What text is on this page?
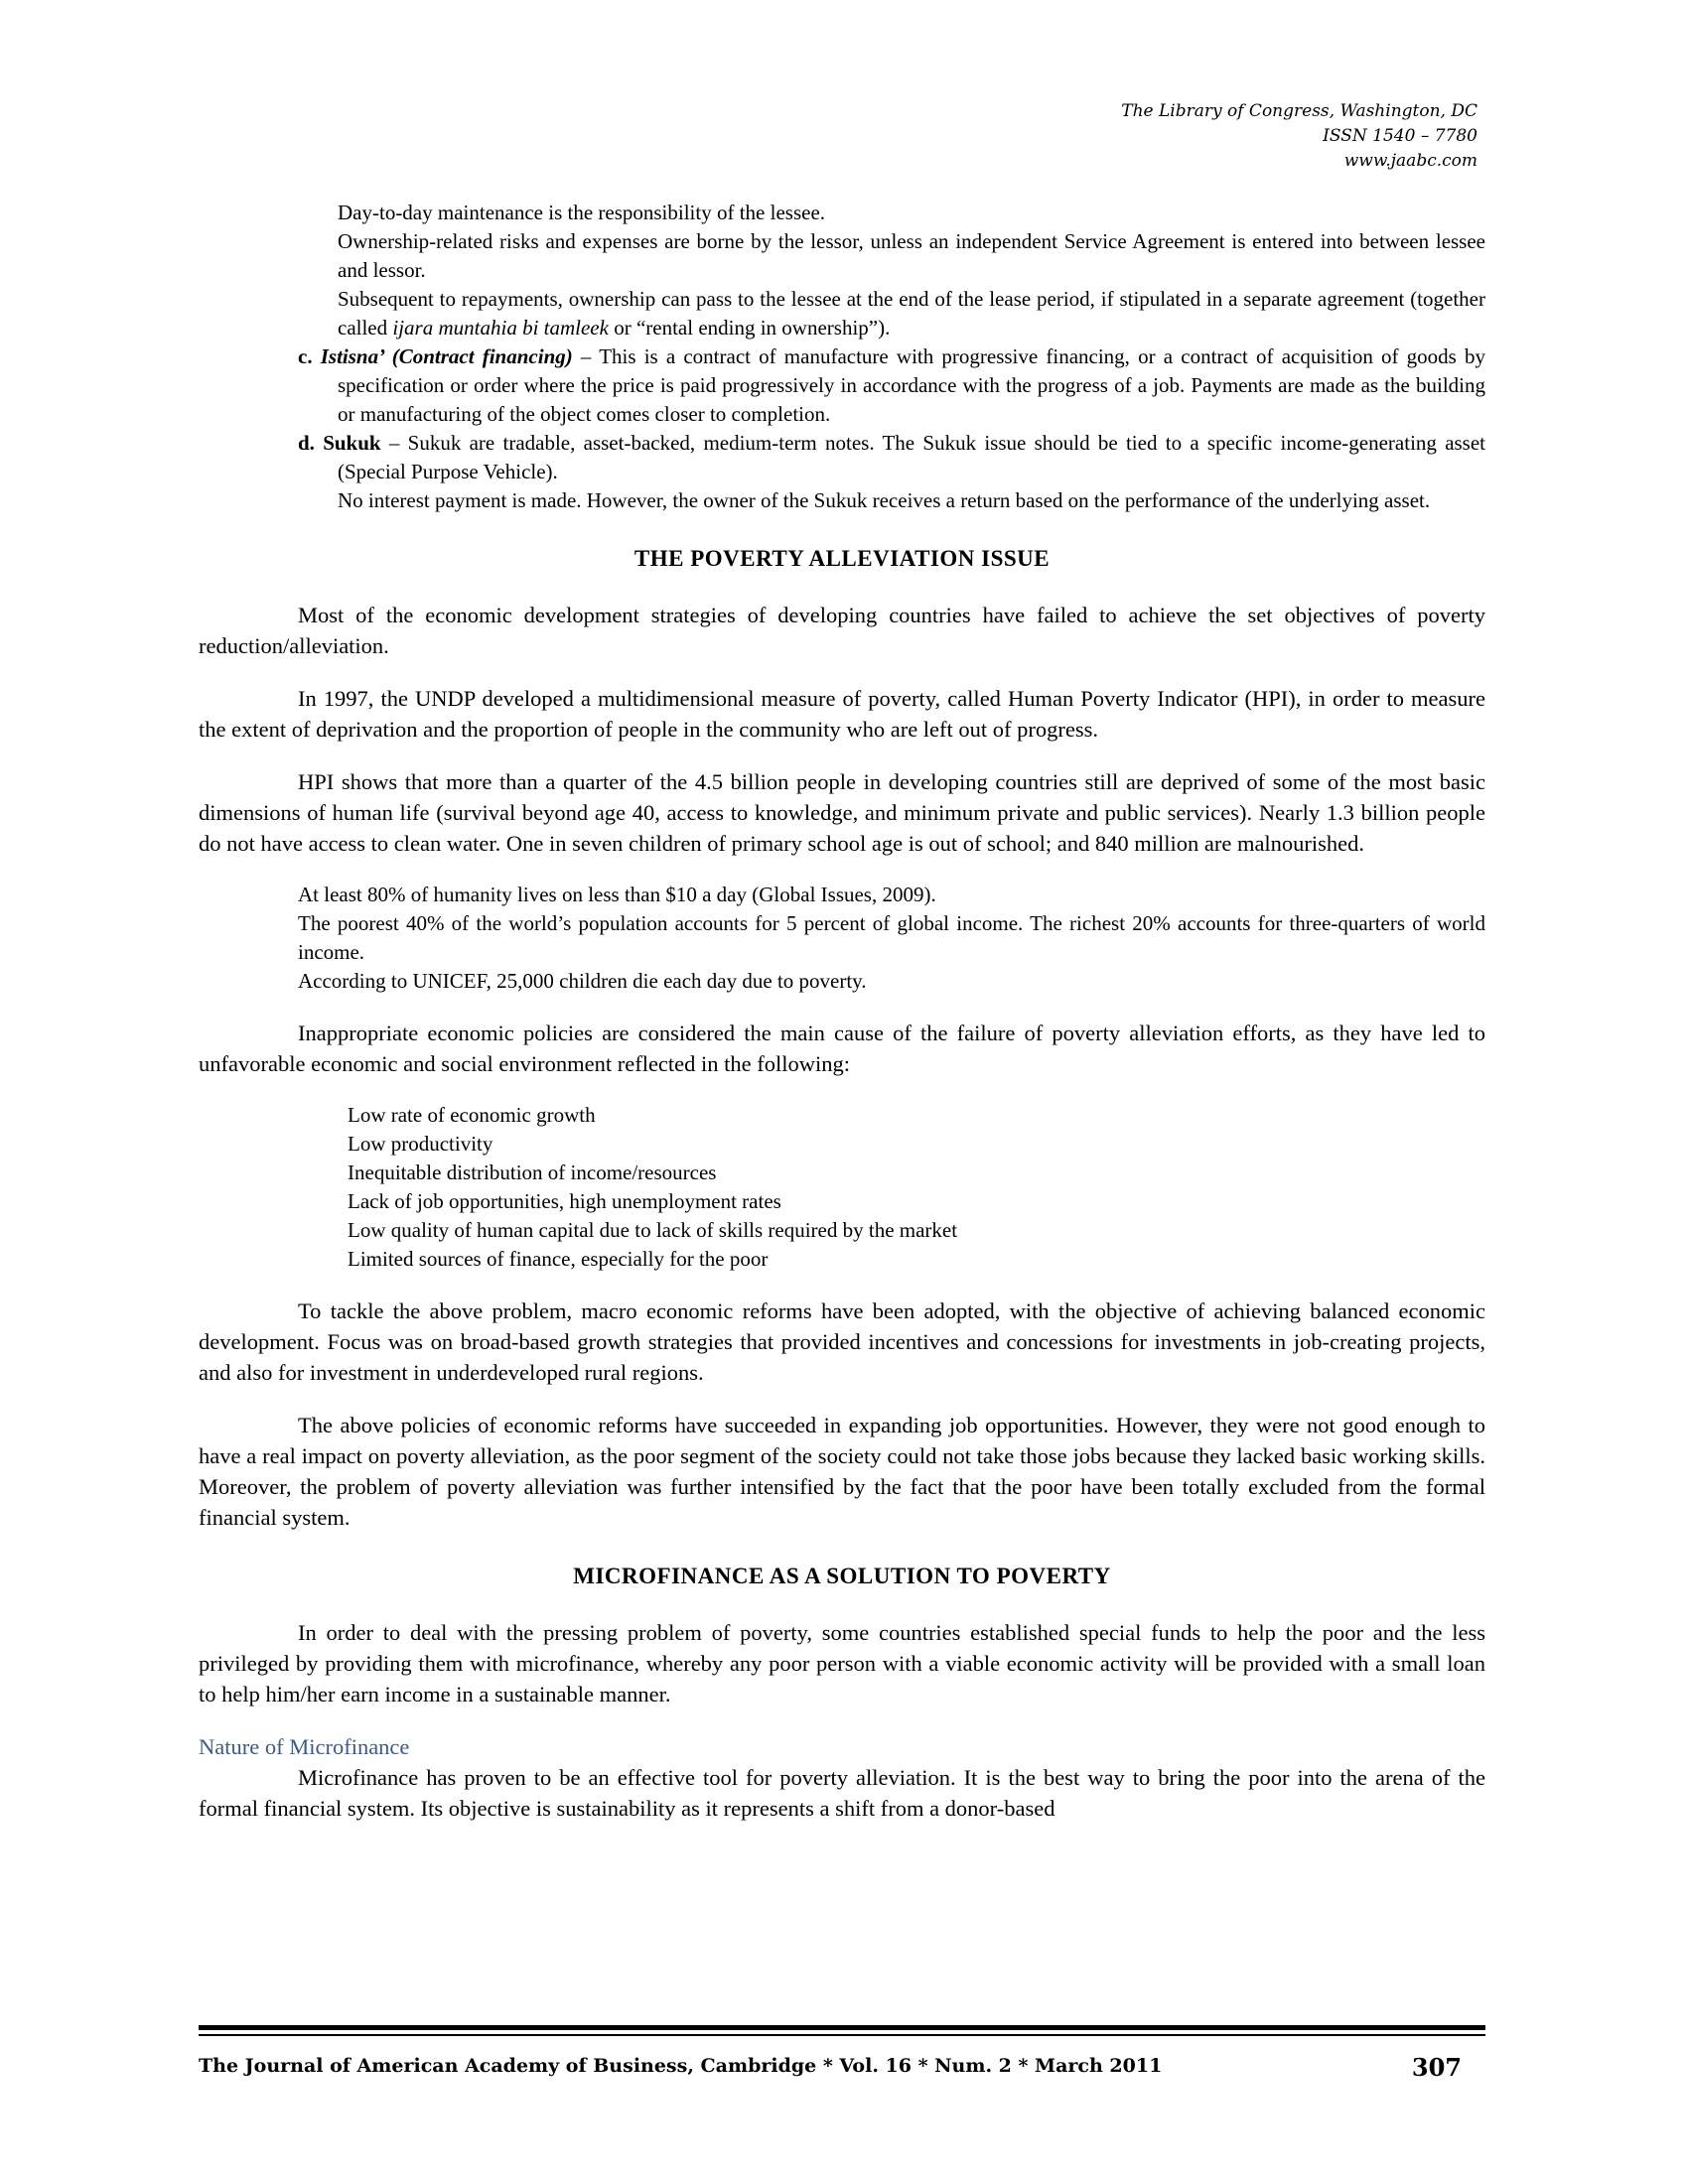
The Library of Congress, Washington, DC
ISSN 1540 – 7780
www.jaabc.com

Day-to-day maintenance is the responsibility of the lessee.

Ownership-related risks and expenses are borne by the lessor, unless an independent Service Agreement is entered into between lessee and lessor.

Subsequent to repayments, ownership can pass to the lessee at the end of the lease period, if stipulated in a separate agreement (together called ijara muntahia bi tamleek or “rental ending in ownership”).

c. Istisna’ (Contract financing) – This is a contract of manufacture with progressive financing, or a contract of acquisition of goods by specification or order where the price is paid progressively in accordance with the progress of a job. Payments are made as the building or manufacturing of the object comes closer to completion.

d. Sukuk – Sukuk are tradable, asset-backed, medium-term notes. The Sukuk issue should be tied to a specific income-generating asset (Special Purpose Vehicle).

No interest payment is made. However, the owner of the Sukuk receives a return based on the performance of the underlying asset.

THE POVERTY ALLEVIATION ISSUE

Most of the economic development strategies of developing countries have failed to achieve the set objectives of poverty reduction/alleviation.

In 1997, the UNDP developed a multidimensional measure of poverty, called Human Poverty Indicator (HPI), in order to measure the extent of deprivation and the proportion of people in the community who are left out of progress.

HPI shows that more than a quarter of the 4.5 billion people in developing countries still are deprived of some of the most basic dimensions of human life (survival beyond age 40, access to knowledge, and minimum private and public services). Nearly 1.3 billion people do not have access to clean water. One in seven children of primary school age is out of school; and 840 million are malnourished.

At least 80% of humanity lives on less than $10 a day (Global Issues, 2009).

The poorest 40% of the world’s population accounts for 5 percent of global income. The richest 20% accounts for three-quarters of world income.

According to UNICEF, 25,000 children die each day due to poverty.

Inappropriate economic policies are considered the main cause of the failure of poverty alleviation efforts, as they have led to unfavorable economic and social environment reflected in the following:

Low rate of economic growth
Low productivity
Inequitable distribution of income/resources
Lack of job opportunities, high unemployment rates
Low quality of human capital due to lack of skills required by the market
Limited sources of finance, especially for the poor

To tackle the above problem, macro economic reforms have been adopted, with the objective of achieving balanced economic development. Focus was on broad-based growth strategies that provided incentives and concessions for investments in job-creating projects, and also for investment in underdeveloped rural regions.

The above policies of economic reforms have succeeded in expanding job opportunities. However, they were not good enough to have a real impact on poverty alleviation, as the poor segment of the society could not take those jobs because they lacked basic working skills. Moreover, the problem of poverty alleviation was further intensified by the fact that the poor have been totally excluded from the formal financial system.

MICROFINANCE AS A SOLUTION TO POVERTY

In order to deal with the pressing problem of poverty, some countries established special funds to help the poor and the less privileged by providing them with microfinance, whereby any poor person with a viable economic activity will be provided with a small loan to help him/her earn income in a sustainable manner.

Nature of Microfinance

Microfinance has proven to be an effective tool for poverty alleviation. It is the best way to bring the poor into the arena of the formal financial system. Its objective is sustainability as it represents a shift from a donor-based

The Journal of American Academy of Business, Cambridge * Vol. 16 * Num. 2 * March 2011	307
